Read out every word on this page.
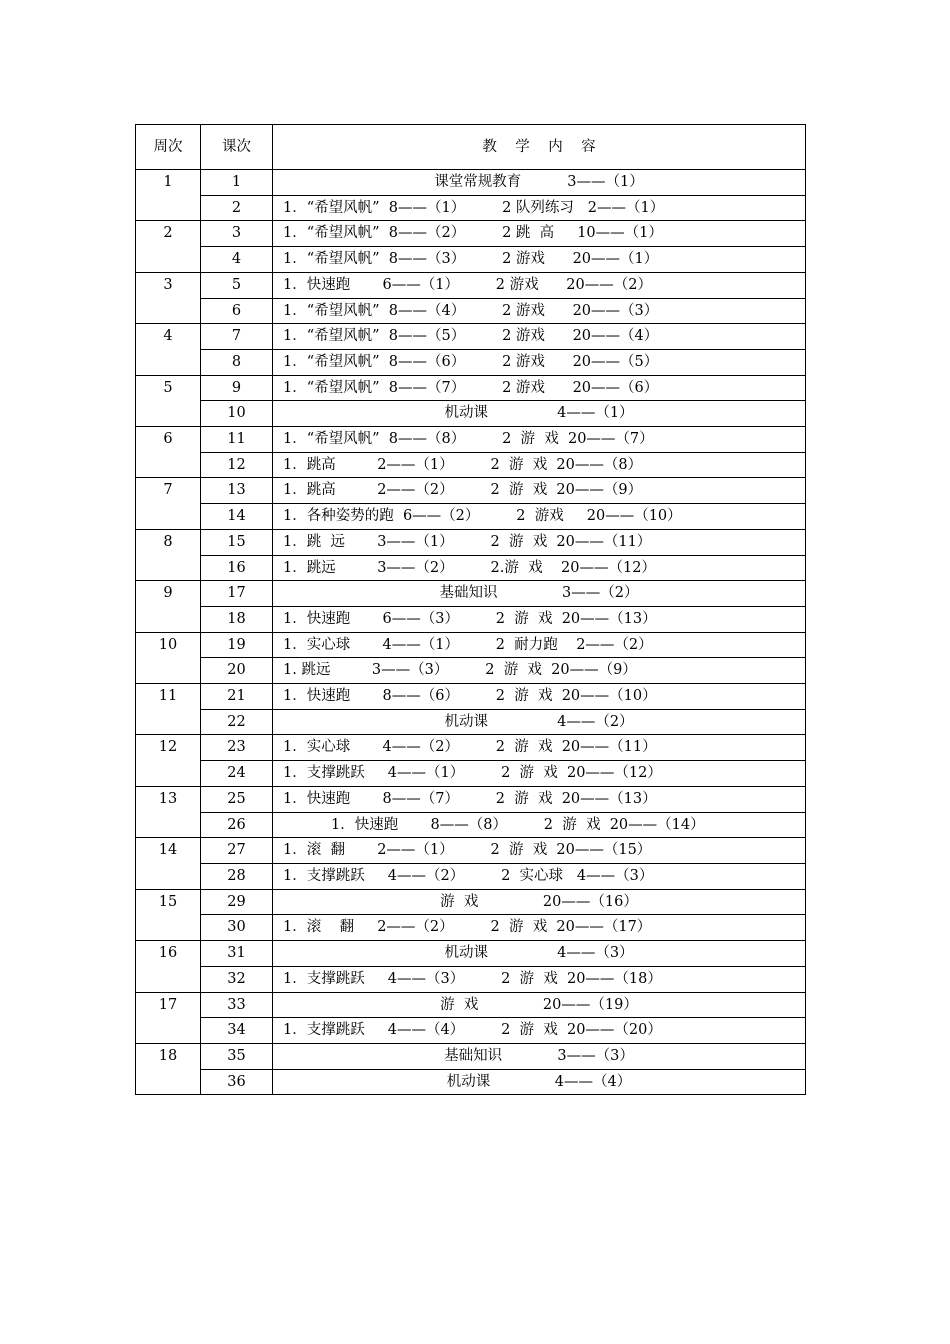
周次	课次	教    学    内    容
1	1	课堂常规教育          3——（1）
	2	1．“希望风帆”  8——（1）        2 队列练习   2——（1）
2	3	1．“希望风帆”  8——（2）        2 跳  高     10——（1）
	4	1．“希望风帆”  8——（3）        2 游戏      20——（1）
3	5	1．快速跑       6——（1）        2 游戏      20——（2）
	6	1．“希望风帆”  8——（4）        2 游戏      20——（3）
4	7	1．“希望风帆”  8——（5）        2 游戏      20——（4）
	8	1．“希望风帆”  8——（6）        2 游戏      20——（5）
5	9	1．“希望风帆”  8——（7）        2 游戏      20——（6）
	10	机动课               4——（1）
6	11	1．“希望风帆”  8——（8）        2  游  戏  20——（7）
	12	1．跳高         2——（1）        2  游  戏  20——（8）
7	13	1．跳高         2——（2）        2  游  戏  20——（9）
	14	1．各种姿势的跑  6——（2）        2  游戏     20——（10）
8	15	1．跳  远       3——（1）        2  游  戏  20——（11）
	16	1．跳远         3——（2）        2.游  戏    20——（12）
9	17	基础知识              3——（2）
	18	1．快速跑       6——（3）        2  游  戏  20——（13）
10	19	1．实心球       4——（1）        2  耐力跑    2——（2）
	20	1. 跳远         3——（3）        2  游  戏  20——（9）
11	21	1．快速跑       8——（6）        2  游  戏  20——（10）
	22	机动课               4——（2）
12	23	1．实心球       4——（2）        2  游  戏  20——（11）
	24	1．支撑跳跃     4——（1）        2  游  戏  20——（12）
13	25	1．快速跑       8——（7）        2  游  戏  20——（13）
	26	1．快速跑       8——（8）        2  游  戏  20——（14）
14	27	1．滚  翻       2——（1）        2  游  戏  20——（15）
	28	1．支撑跳跃     4——（2）        2  实心球   4——（3）
15	29	游  戏              20——（16）
	30	1．滚    翻     2——（2）        2  游  戏  20——（17）
16	31	机动课               4——（3）
	32	1．支撑跳跃     4——（3）        2  游  戏  20——（18）
17	33	游  戏              20——（19）
	34	1．支撑跳跃     4——（4）        2  游  戏  20——（20）
18	35	基础知识            3——（3）
	36	机动课              4——（4）
